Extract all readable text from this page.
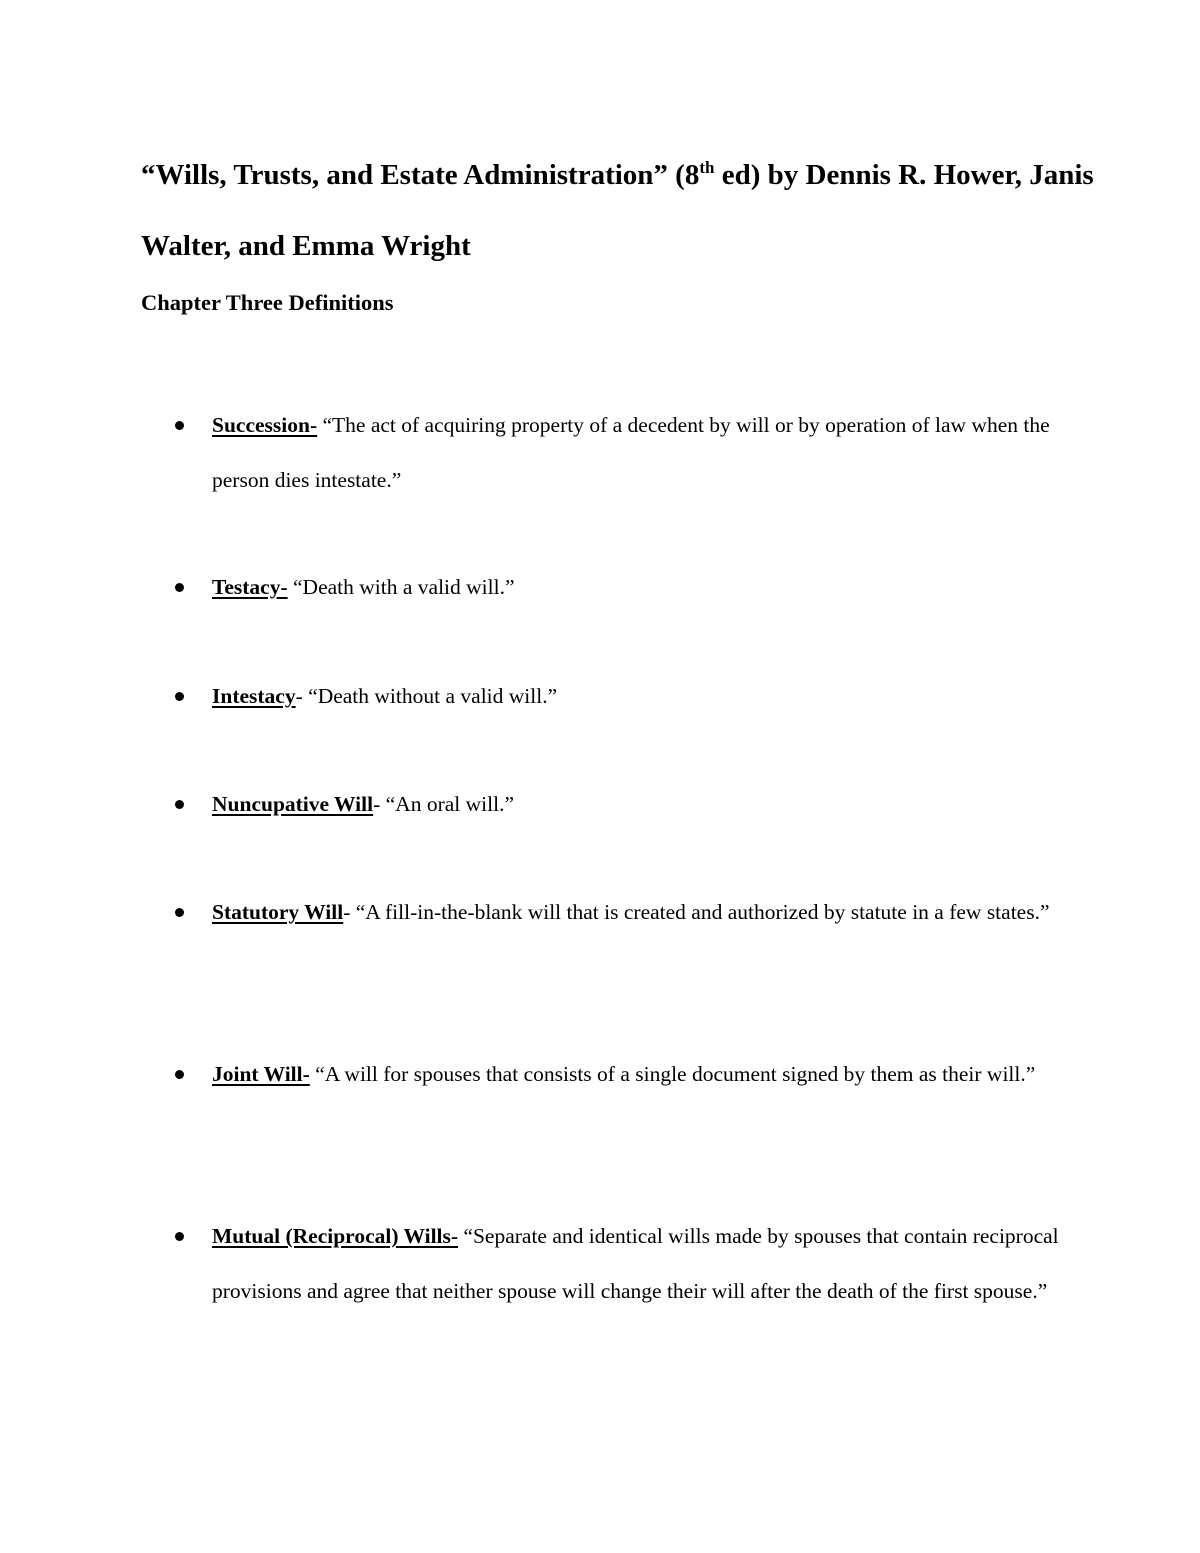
“Wills, Trusts, and Estate Administration” (8th ed) by Dennis R. Hower, Janis Walter, and Emma Wright
Chapter Three Definitions
Succession- “The act of acquiring property of a decedent by will or by operation of law when the person dies intestate.”
Testacy- “Death with a valid will.”
Intestacy- “Death without a valid will.”
Nuncupative Will- “An oral will.”
Statutory Will- “A fill-in-the-blank will that is created and authorized by statute in a few states.”
Joint Will- “A will for spouses that consists of a single document signed by them as their will.”
Mutual (Reciprocal) Wills- “Separate and identical wills made by spouses that contain reciprocal provisions and agree that neither spouse will change their will after the death of the first spouse.”
